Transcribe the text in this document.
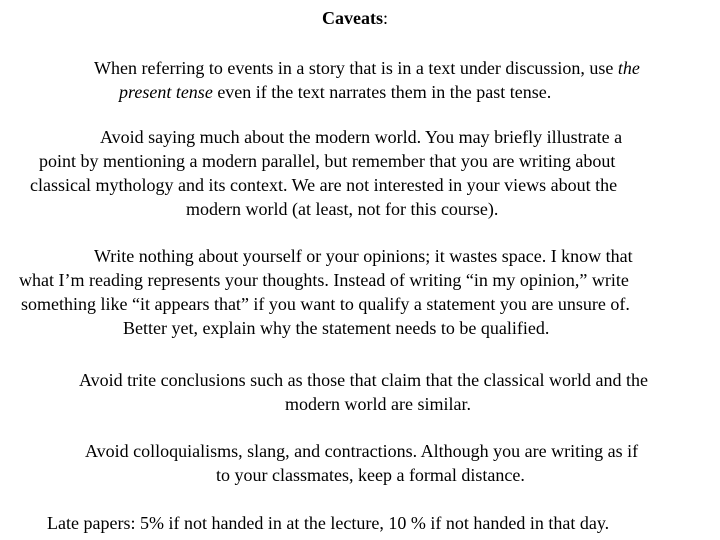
Caveats:

When referring to events in a story that is in a text under discussion, use the

present tense even if the text narrates them in the past tense.

Avoid saying much about the modern world. You may briefly illustrate a

point by mentioning a modern parallel, but remember that you are writing about

classical mythology and its context. We are not interested in your views about the

modern world (at least, not for this course).

Write nothing about yourself or your opinions; it wastes space. I know that

what I’m reading represents your thoughts. Instead of writing “in my opinion,” write

something like “it appears that” if you want to qualify a statement you are unsure of.

Better yet, explain why the statement needs to be qualified.

Avoid trite conclusions such as those that claim that the classical world and the

modern world are similar.

Avoid colloquialisms, slang, and contractions. Although you are writing as if

to your classmates, keep a formal distance.

Late papers: 5% if not handed in at the lecture, 10 % if not handed in that day.
